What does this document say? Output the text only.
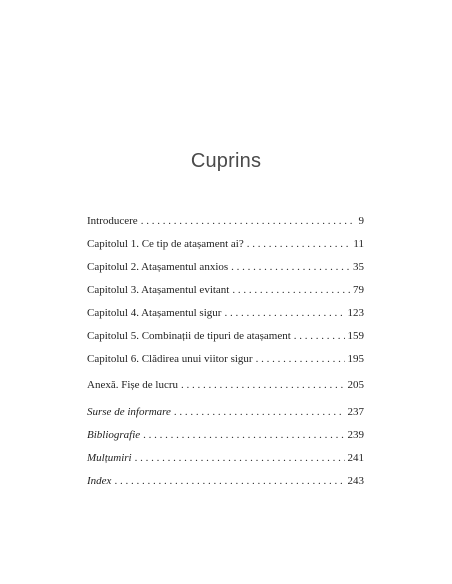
Cuprins
Introducere . . .	9
Capitolul 1. Ce tip de atașament ai? . . .	11
Capitolul 2. Atașamentul anxios . . .	35
Capitolul 3. Atașamentul evitant . . .	79
Capitolul 4. Atașamentul sigur . . .	123
Capitolul 5. Combinații de tipuri de atașament . . .	159
Capitolul 6. Clădirea unui viitor sigur . . .	195
Anexă. Fișe de lucru . . .	205
Surse de informare . . .	237
Bibliografie . . .	239
Mulțumiri . . .	241
Index . . .	243
